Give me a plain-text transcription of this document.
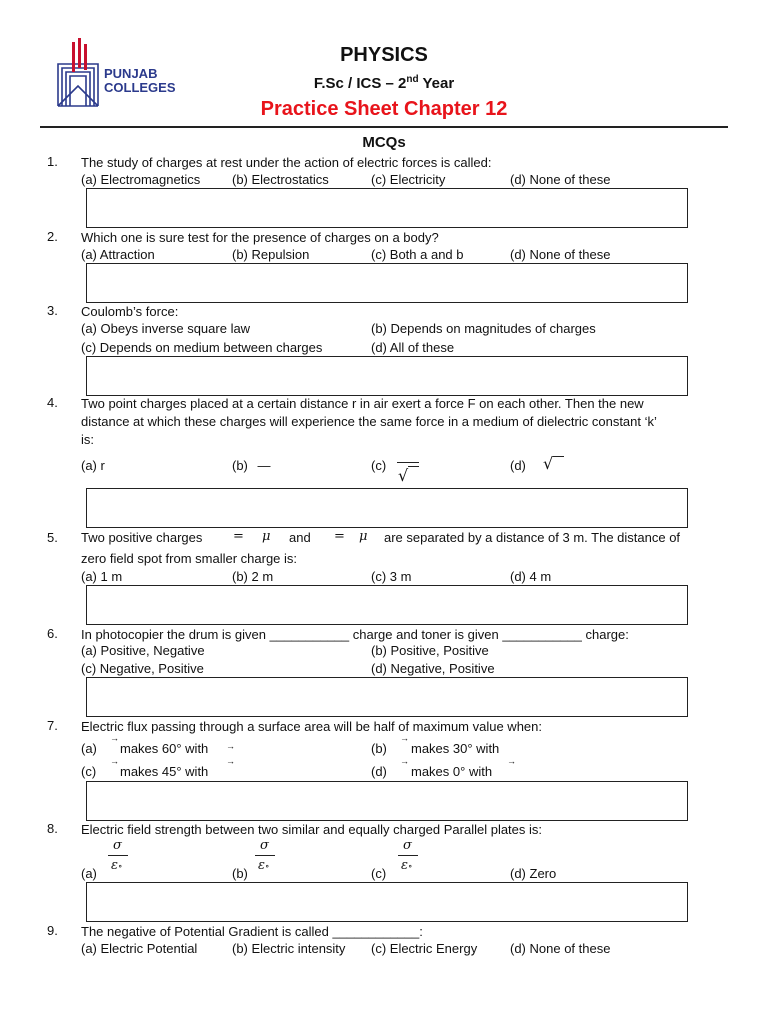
PUNJAB
COLLEGES
PHYSICS
F.Sc / ICS – 2nd Year
Practice Sheet Chapter 12
MCQs
1. The study of charges at rest under the action of electric forces is called:
(a) Electromagnetics (b) Electrostatics	(c) Electricity	(d) None of these
2. Which one is sure test for the presence of charges on a body?
(a) Attraction	(b) Repulsion	(c) Both a and b	(d) None of these
3. Coulomb’s force:
(a) Obeys inverse square law	(b) Depends on magnitudes of charges
(c) Depends on medium between charges	(d) All of these
4. Two point charges placed at a certain distance r in air exert a force F on each other. Then the new
distance at which these charges will experience the same force in a medium of dielectric constant ‘k’
is:
(a) r	(b) —	(c)
√
(d) √
5. Two positive charges = μ and = μ are separated by a distance of 3 m. The distance of
zero field spot from smaller charge is:
(a) 1 m	(b) 2 m	(c) 3 m	(d) 4 m
6. In photocopier the drum is given ___________ charge and toner is given ___________ charge:
(a) Positive, Negative	(b) Positive, Positive
(c) Negative, Positive	(d) Negative, Positive
7. Electric flux passing through a surface area will be half of maximum value when:
(a)
→
makes 60° with →	(b)
→
makes 30° with
(c)
→
makes 45° with
→
(d)
→
makes 0° with
→
8. Electric field strength between two similar and equally charged Parallel plates is:
σ
ε∘
(a)
σ
ε∘
(b)
σ
ε∘
(c)	(d) Zero
9. The negative of Potential Gradient is called ____________:
(a) Electric Potential	(b) Electric intensity (c) Electric Energy	(d) None of these
